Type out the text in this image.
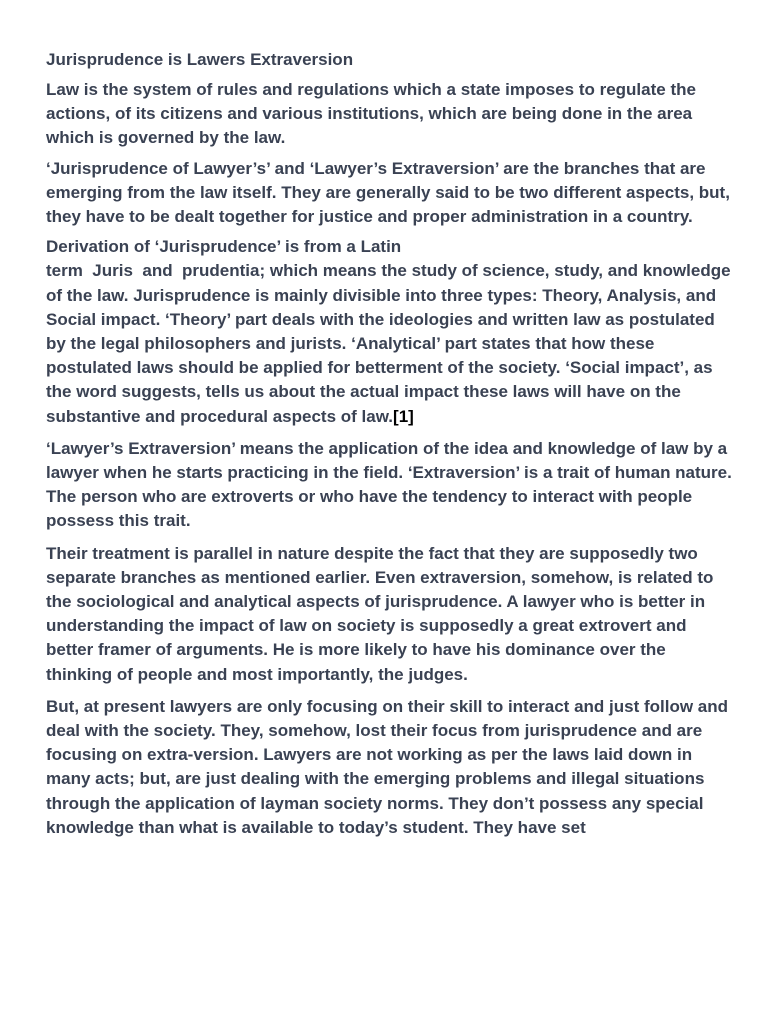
Jurisprudence is Lawers Extraversion

Law is the system of rules and regulations which a state imposes to regulate the actions, of its citizens and various institutions, which are being done in the area which is governed by the law.

‘Jurisprudence of Lawyer’s’ and ‘Lawyer’s Extraversion’ are the branches that are emerging from the law itself. They are generally said to be two different aspects, but, they have to be dealt together for justice and proper administration in a country.

Derivation of ‘Jurisprudence’ is from a Latin
term  Juris  and  prudentia; which means the study of science, study, and knowledge of the law. Jurisprudence is mainly divisible into three types: Theory, Analysis, and Social impact. ‘Theory’ part deals with the ideologies and written law as postulated by the legal philosophers and jurists. ‘Analytical’ part states that how these postulated laws should be applied for betterment of the society. ‘Social impact’, as the word suggests, tells us about the actual impact these laws will have on the substantive and procedural aspects of law.[1]

‘Lawyer’s Extraversion’ means the application of the idea and knowledge of law by a lawyer when he starts practicing in the field. ‘Extraversion’ is a trait of human nature. The person who are extroverts or who have the tendency to interact with people possess this trait.

Their treatment is parallel in nature despite the fact that they are supposedly two separate branches as mentioned earlier. Even extraversion, somehow, is related to the sociological and analytical aspects of jurisprudence. A lawyer who is better in understanding the impact of law on society is supposedly a great extrovert and better framer of arguments. He is more likely to have his dominance over the thinking of people and most importantly, the judges.

But, at present lawyers are only focusing on their skill to interact and just follow and deal with the society. They, somehow, lost their focus from jurisprudence and are focusing on extra-version. Lawyers are not working as per the laws laid down in many acts; but, are just dealing with the emerging problems and illegal situations through the application of layman society norms. They don’t possess any special knowledge than what is available to today’s student. They have set
